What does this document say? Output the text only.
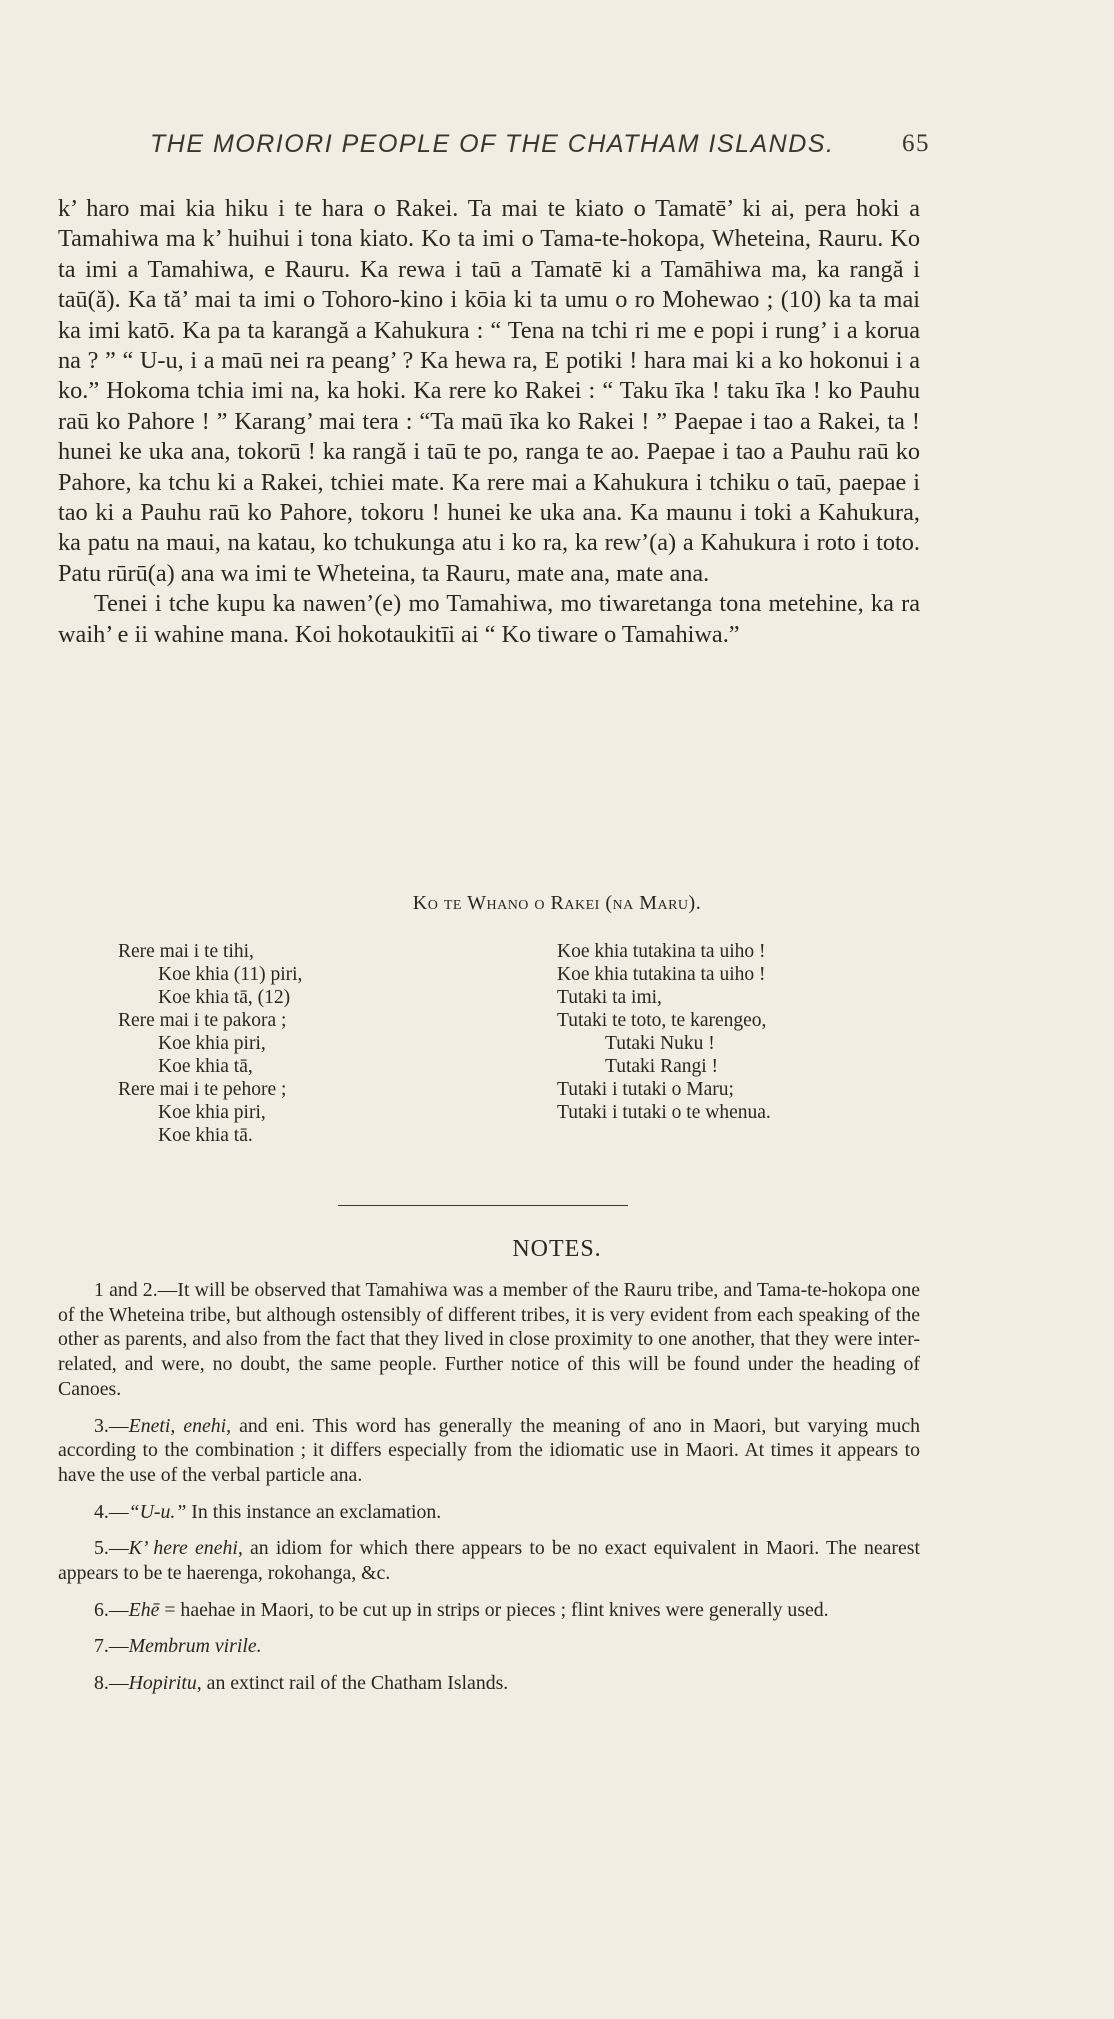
THE MORIORI PEOPLE OF THE CHATHAM ISLANDS.	65

k’ haro mai kia hiku i te hara o Rakei. Ta mai te kiato o Tamatē’ ki ai, pera hoki a Tamahiwa ma k’ huihui i tona kiato. Ko ta imi o Tama-te-hokopa, Wheteina, Rauru. Ko ta imi a Tamahiwa, e Rauru. Ka rewa i taū a Tamatē ki a Tamāhiwa ma, ka rangă i taū(ă). Ka tă’ mai ta imi o Tohoro-kino i kōia ki ta umu o ro Mohewao ; (10) ka ta mai ka imi katō. Ka pa ta karangă a Kahukura : “ Tena na tchi ri me e popi i rung’ i a korua na ? ” “ U-u, i a maū nei ra peang’ ? Ka hewa ra, E potiki ! hara mai ki a ko hokonui i a ko.” Hokoma tchia imi na, ka hoki. Ka rere ko Rakei : “ Taku īka ! taku īka ! ko Pauhu raū ko Pahore ! ” Karang’ mai tera : “Ta maū īka ko Rakei ! ” Paepae i tao a Rakei, ta ! hunei ke uka ana, tokorū ! ka rangă i taū te po, ranga te ao. Paepae i tao a Pauhu raū ko Pahore, ka tchu ki a Rakei, tchiei mate. Ka rere mai a Kahukura i tchiku o taū, paepae i tao ki a Pauhu raū ko Pahore, tokoru ! hunei ke uka ana. Ka maunu i toki a Kahukura, ka patu na maui, na katau, ko tchukunga atu i ko ra, ka rew’(a) a Kahukura i roto i toto. Patu rūrū(a) ana wa imi te Wheteina, ta Rauru, mate ana, mate ana.

Tenei i tche kupu ka nawen’(e) mo Tamahiwa, mo tiwaretanga tona metehine, ka ra waih’ e ii wahine mana. Koi hokotaukitīi ai “ Ko tiware o Tamahiwa.”

Ko te Whano o Rakei (na Maru).
Rere mai i te tihi,
Koe khia (11) piri,
Koe khia tā, (12)
Rere mai i te pakora ;
Koe khia piri,
Koe khia tā,
Rere mai i te pehore ;
Koe khia piri,
Koe khia tā.
Koe khia tutakina ta uiho !
Koe khia tutakina ta uiho !
Tutaki ta imi,
Tutaki te toto, te karengeo,
Tutaki Nuku !
Tutaki Rangi !
Tutaki i tutaki o Maru;
Tutaki i tutaki o te whenua.
NOTES.

1 and 2.—It will be observed that Tamahiwa was a member of the Rauru tribe, and Tama-te-hokopa one of the Wheteina tribe, but although ostensibly of different tribes, it is very evident from each speaking of the other as parents, and also from the fact that they lived in close proximity to one another, that they were inter-related, and were, no doubt, the same people. Further notice of this will be found under the heading of Canoes.

3.—Eneti, enehi, and eni. This word has generally the meaning of ano in Maori, but varying much according to the combination ; it differs especially from the idiomatic use in Maori. At times it appears to have the use of the verbal particle ana.

4.—“U-u.” In this instance an exclamation.

5.—K’ here enehi, an idiom for which there appears to be no exact equivalent in Maori. The nearest appears to be te haerenga, rokohanga, &c.

6.—Ehē = haehae in Maori, to be cut up in strips or pieces ; flint knives were generally used.

7.—Membrum virile.

8.—Hopiritu, an extinct rail of the Chatham Islands.
